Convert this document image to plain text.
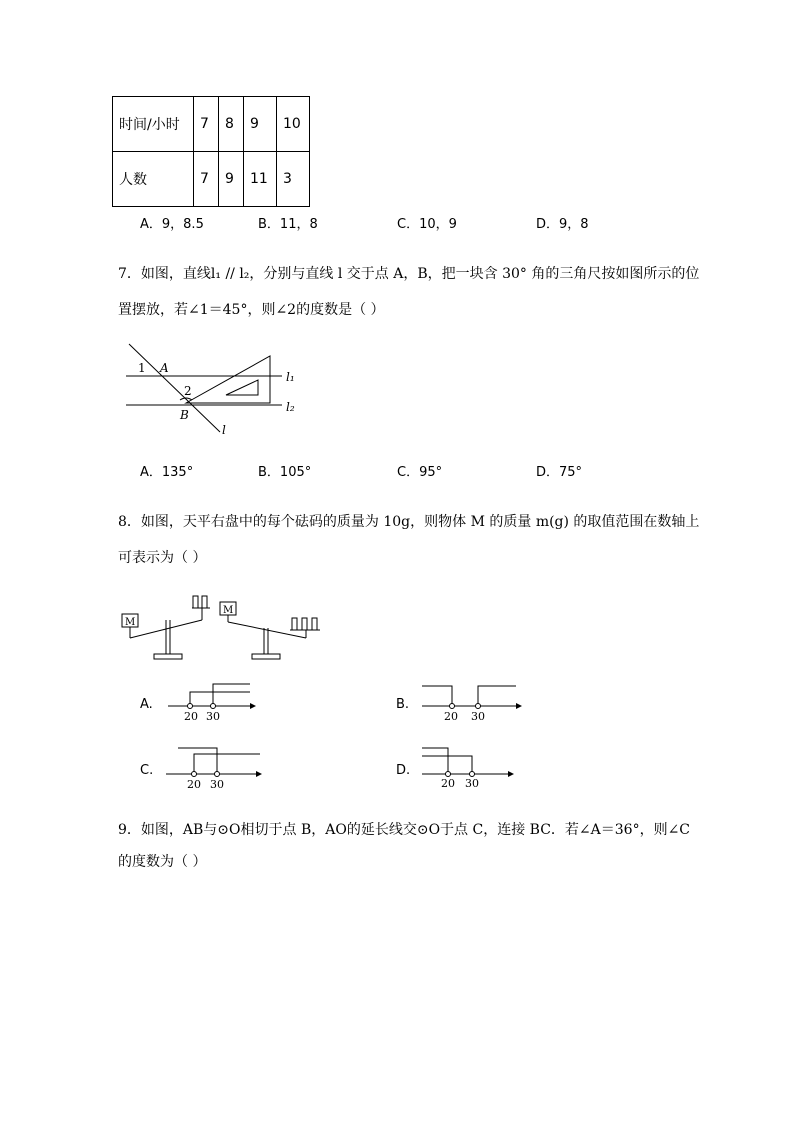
时间/小时	7	8	9	10
人数	7	9	11	3
A．9，8.5	B．11，8	C．10，9	D．9，8
7．如图，直线l₁ // l₂，分别与直线 l 交于点 A，B，把一块含 30° 角的三角尺按如图所示的位
置摆放，若∠1＝45°，则∠2的度数是（ ）
1 A
2
B
l
l₁
l₂
A．135°	B．105°	C．95°	D．75°
8．如图，天平右盘中的每个砝码的质量为 10g，则物体 M 的质量 m(g) 的取值范围在数轴上
可表示为（ ）
M
M
A.
20 30
B.
20 30
C.
20 30
D.
20 30
9．如图，AB与⊙O相切于点 B，AO的延长线交⊙O于点 C，连接 BC．若∠A＝36°，则∠C
的度数为（ ）
